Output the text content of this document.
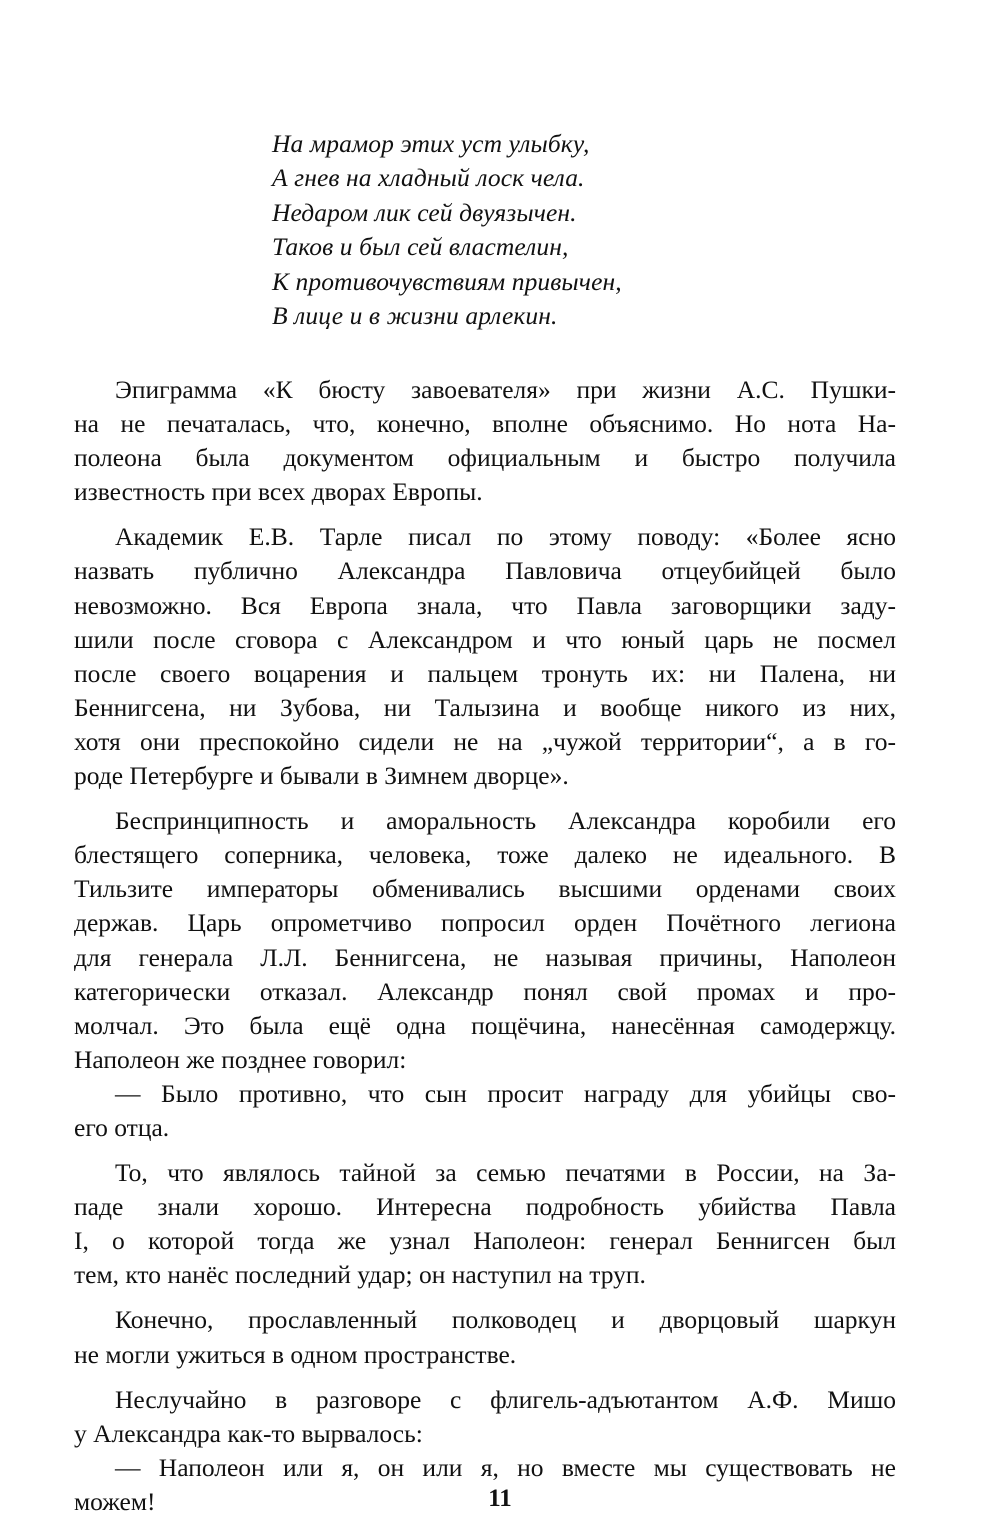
На мрамор этих уст улыбку,
А гнев на хладный лоск чела.
Недаром лик сей двуязычен.
Таков и был сей властелин,
К противочувствиям привычен,
В лице и в жизни арлекин.
Эпиграмма «К бюсту завоевателя» при жизни А.С. Пушки-
на не печаталась, что, конечно, вполне объяснимо. Но нота На-
полеона была документом официальным и быстро получила
известность при всех дворах Европы.
Академик Е.В. Тарле писал по этому поводу: «Более ясно
назвать публично Александра Павловича отцеубийцей было
невозможно. Вся Европа знала, что Павла заговорщики заду-
шили после сговора с Александром и что юный царь не посмел
после своего воцарения и пальцем тронуть их: ни Палена, ни
Беннигсена, ни Зубова, ни Талызина и вообще никого из них,
хотя они преспокойно сидели не на „чужой территории“, а в го-
роде Петербурге и бывали в Зимнем дворце».
Беспринципность и аморальность Александра коробили его
блестящего соперника, человека, тоже далеко не идеального. В
Тильзите императоры обменивались высшими орденами своих
держав. Царь опрометчиво попросил орден Почётного легиона
для генерала Л.Л. Беннигсена, не называя причины, Наполеон
категорически отказал. Александр понял свой промах и про-
молчал. Это была ещё одна пощёчина, нанесённая самодержцу.
Наполеон же позднее говорил:
— Было противно, что сын просит награду для убийцы сво-
его отца.
То, что являлось тайной за семью печатями в России, на За-
паде знали хорошо. Интересна подробность убийства Павла
I, о которой тогда же узнал Наполеон: генерал Беннигсен был
тем, кто нанёс последний удар; он наступил на труп.
Конечно, прославленный полководец и дворцовый шаркун
не могли ужиться в одном пространстве.
Неслучайно в разговоре с флигель-адъютантом А.Ф. Мишо
у Александра как-то вырвалось:
— Наполеон или я, он или я, но вместе мы существовать не
можем!	11
